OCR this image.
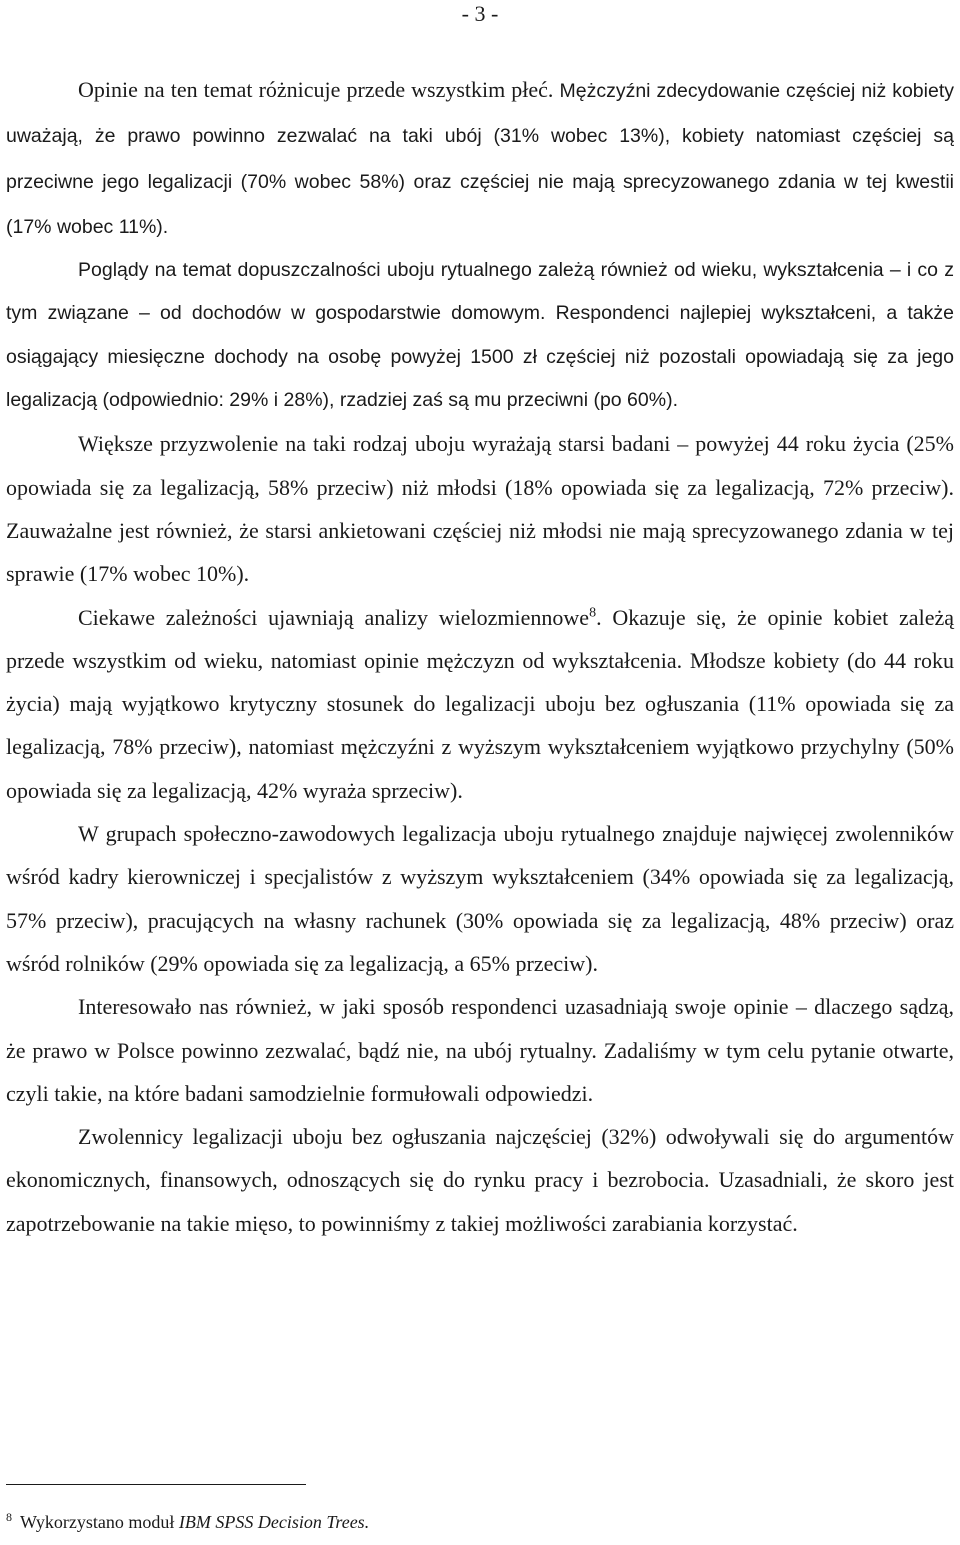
- 3 -

Opinie na ten temat różnicuje przede wszystkim płeć. Mężczyźni zdecydowanie częściej niż kobiety uważają, że prawo powinno zezwalać na taki ubój (31% wobec 13%), kobiety natomiast częściej są przeciwne jego legalizacji (70% wobec 58%) oraz częściej nie mają sprecyzowanego zdania w tej kwestii (17% wobec 11%).

Poglądy na temat dopuszczalności uboju rytualnego zależą również od wieku, wykształcenia – i co z tym związane – od dochodów w gospodarstwie domowym. Respondenci najlepiej wykształceni, a także osiągający miesięczne dochody na osobę powyżej 1500 zł częściej niż pozostali opowiadają się za jego legalizacją (odpowiednio: 29% i 28%), rzadziej zaś są mu przeciwni (po 60%).

Większe przyzwolenie na taki rodzaj uboju wyrażają starsi badani – powyżej 44 roku życia (25% opowiada się za legalizacją, 58% przeciw) niż młodsi (18% opowiada się za legalizacją, 72% przeciw). Zauważalne jest również, że starsi ankietowani częściej niż młodsi nie mają sprecyzowanego zdania w tej sprawie (17% wobec 10%).

Ciekawe zależności ujawniają analizy wielozmiennowe$^8$. Okazuje się, że opinie kobiet zależą przede wszystkim od wieku, natomiast opinie mężczyzn od wykształcenia. Młodsze kobiety (do 44 roku życia) mają wyjątkowo krytyczny stosunek do legalizacji uboju bez ogłuszania (11% opowiada się za legalizacją, 78% przeciw), natomiast mężczyźni z wyższym wykształceniem wyjątkowo przychylny (50% opowiada się za legalizacją, 42% wyraża sprzeciw).

W grupach społeczno-zawodowych legalizacja uboju rytualnego znajduje najwięcej zwolenników wśród kadry kierowniczej i specjalistów z wyższym wykształceniem (34% opowiada się za legalizacją, 57% przeciw), pracujących na własny rachunek (30% opowiada się za legalizacją, 48% przeciw) oraz wśród rolników (29% opowiada się za legalizacją, a 65% przeciw).

Interesowało nas również, w jaki sposób respondenci uzasadniają swoje opinie – dlaczego sądzą, że prawo w Polsce powinno zezwalać, bądź nie, na ubój rytualny. Zadaliśmy w tym celu pytanie otwarte, czyli takie, na które badani samodzielnie formułowali odpowiedzi.

Zwolennicy legalizacji uboju bez ogłuszania najczęściej (32%) odwoływali się do argumentów ekonomicznych, finansowych, odnoszących się do rynku pracy i bezrobocia. Uzasadniali, że skoro jest zapotrzebowanie na takie mięso, to powinniśmy z takiej możliwości zarabiania korzystać.

$^8$ Wykorzystano moduł IBM SPSS Decision Trees.
